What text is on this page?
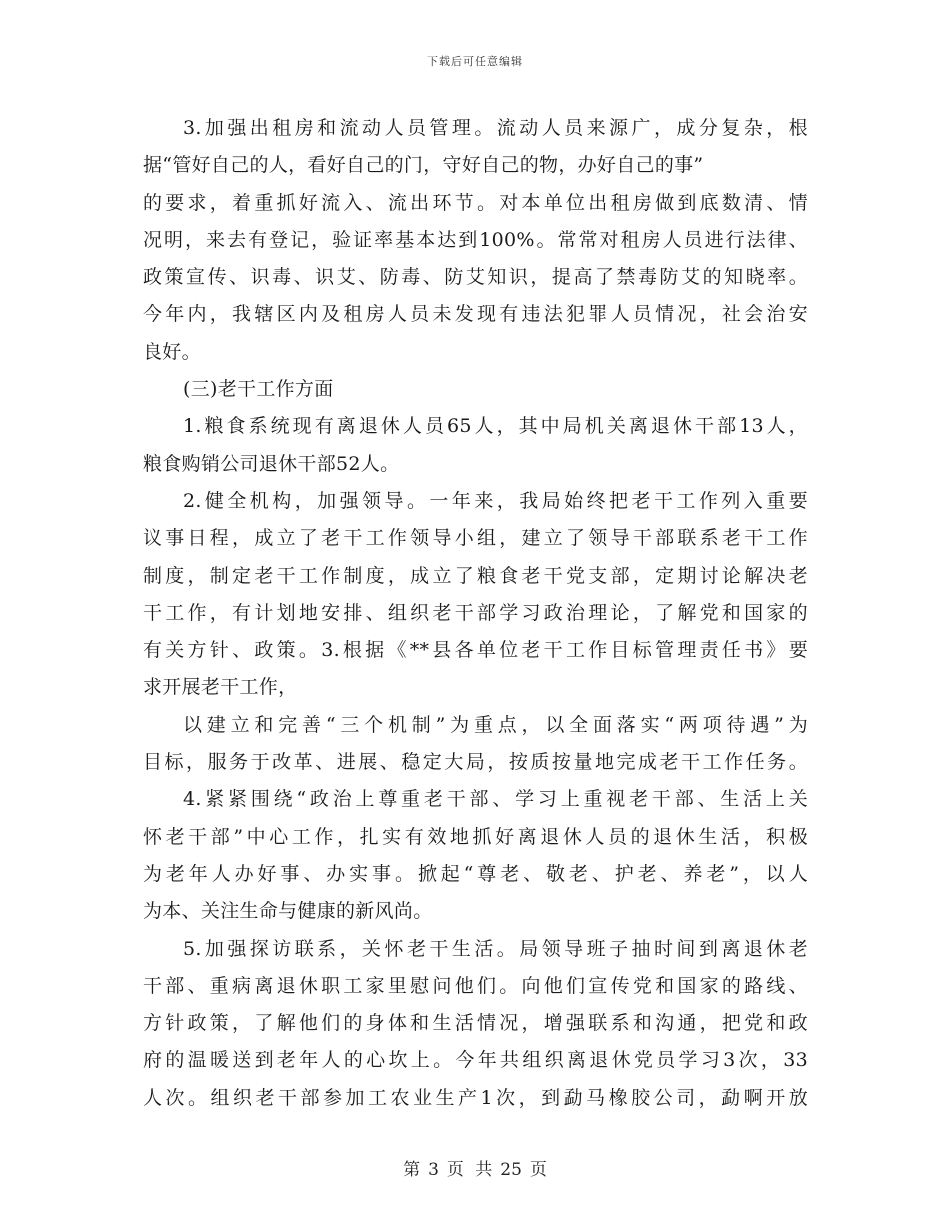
下载后可任意编辑
3.加强出租房和流动人员管理。流动人员来源广，成分复杂，根
据“管好自己的人，看好自己的门，守好自己的物，办好自己的事”
的要求，着重抓好流入、流出环节。对本单位出租房做到底数清、情
况明，来去有登记，验证率基本达到100%。常常对租房人员进行法律、
政策宣传、识毒、识艾、防毒、防艾知识，提高了禁毒防艾的知晓率。
今年内，我辖区内及租房人员未发现有违法犯罪人员情况，社会治安
良好。
(三)老干工作方面
1.粮食系统现有离退休人员65人，其中局机关离退休干部13人，
粮食购销公司退休干部52人。
2.健全机构，加强领导。一年来，我局始终把老干工作列入重要
议事日程，成立了老干工作领导小组，建立了领导干部联系老干工作
制度，制定老干工作制度，成立了粮食老干党支部，定期讨论解决老
干工作，有计划地安排、组织老干部学习政治理论，了解党和国家的
有关方针、政策。3.根据《**县各单位老干工作目标管理责任书》要
求开展老干工作，
以建立和完善“三个机制”为重点，以全面落实“两项待遇”为
目标，服务于改革、进展、稳定大局，按质按量地完成老干工作任务。
4.紧紧围绕“政治上尊重老干部、学习上重视老干部、生活上关
怀老干部”中心工作，扎实有效地抓好离退休人员的退休生活，积极
为老年人办好事、办实事。掀起“尊老、敬老、护老、养老”，以人
为本、关注生命与健康的新风尚。
5.加强探访联系，关怀老干生活。局领导班子抽时间到离退休老
干部、重病离退休职工家里慰问他们。向他们宣传党和国家的路线、
方针政策，了解他们的身体和生活情况，增强联系和沟通，把党和政
府的温暖送到老年人的心坎上。今年共组织离退休党员学习3次，33
人次。组织老干部参加工农业生产1次，到勐马橡胶公司，勐啊开放
第 3 页 共 25 页
